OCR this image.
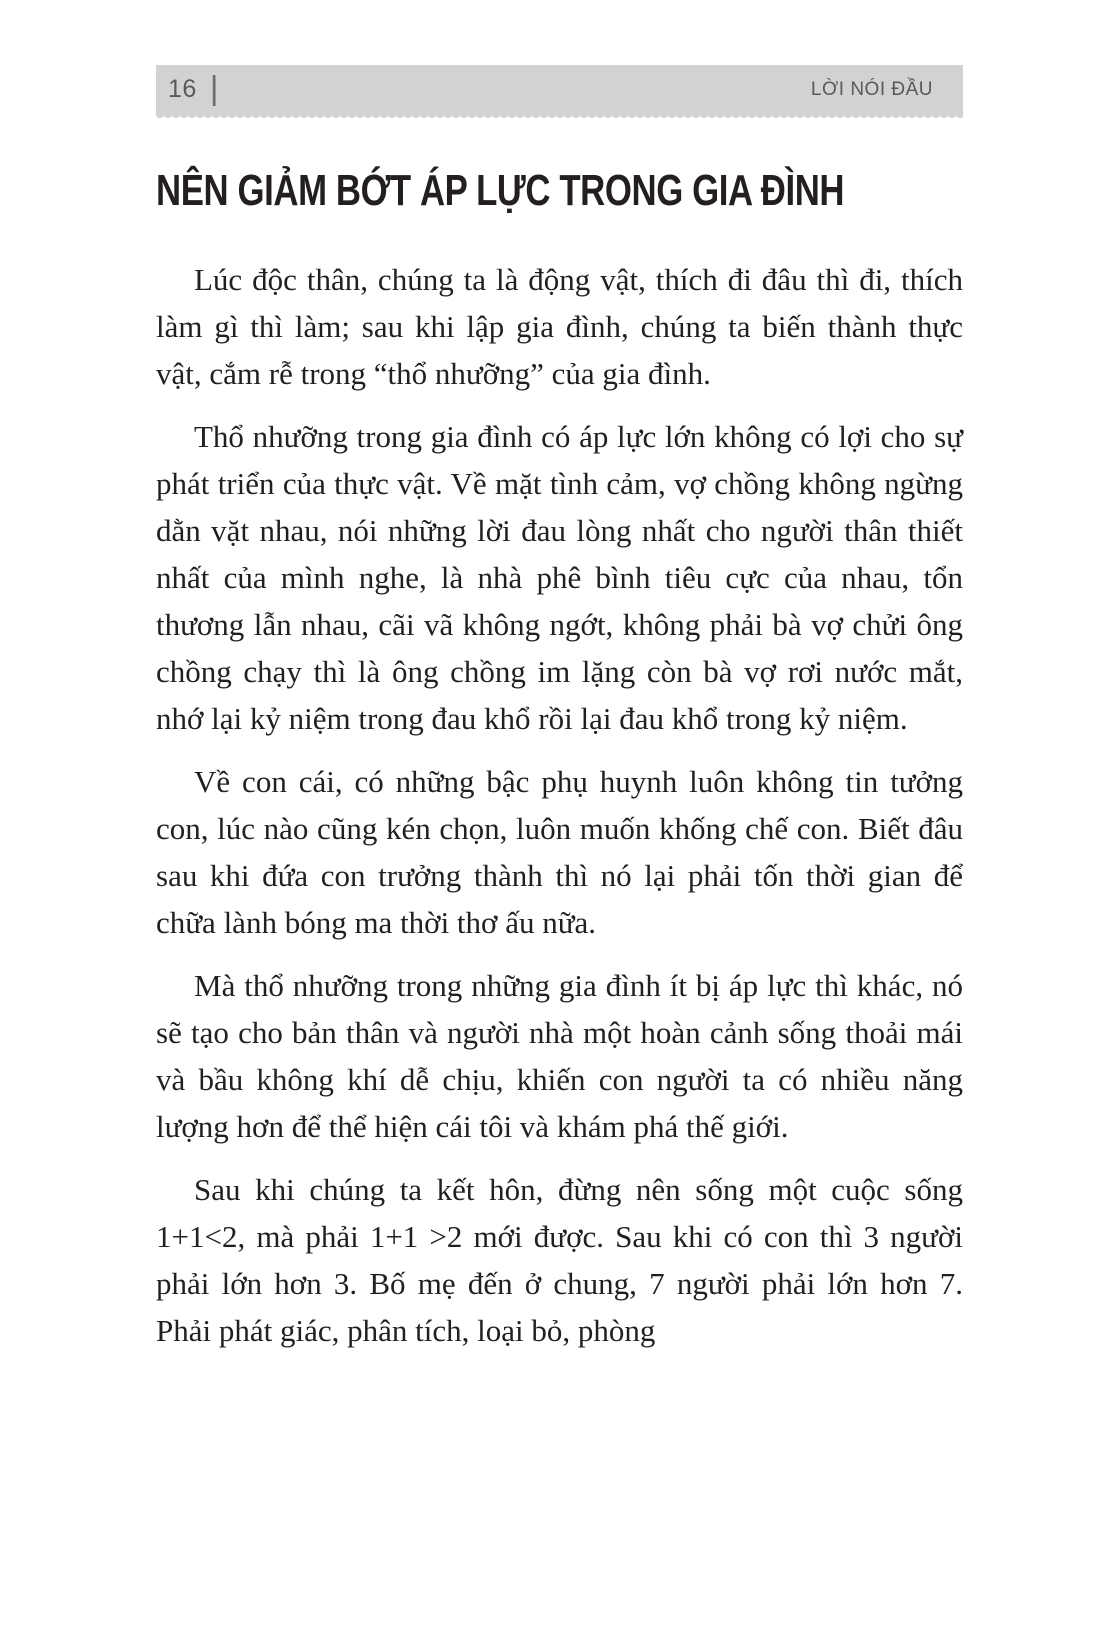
16 |	LỜI NÓI ĐẦU
NÊN GIẢM BỚT ÁP LỰC TRONG GIA ĐÌNH

Lúc độc thân, chúng ta là động vật, thích đi đâu thì đi, thích làm gì thì làm; sau khi lập gia đình, chúng ta biến thành thực vật, cắm rễ trong “thổ nhưỡng” của gia đình.

Thổ nhưỡng trong gia đình có áp lực lớn không có lợi cho sự phát triển của thực vật. Về mặt tình cảm, vợ chồng không ngừng dằn vặt nhau, nói những lời đau lòng nhất cho người thân thiết nhất của mình nghe, là nhà phê bình tiêu cực của nhau, tổn thương lẫn nhau, cãi vã không ngớt, không phải bà vợ chửi ông chồng chạy thì là ông chồng im lặng còn bà vợ rơi nước mắt, nhớ lại kỷ niệm trong đau khổ rồi lại đau khổ trong kỷ niệm.

Về con cái, có những bậc phụ huynh luôn không tin tưởng con, lúc nào cũng kén chọn, luôn muốn khống chế con. Biết đâu sau khi đứa con trưởng thành thì nó lại phải tốn thời gian để chữa lành bóng ma thời thơ ấu nữa.

Mà thổ nhưỡng trong những gia đình ít bị áp lực thì khác, nó sẽ tạo cho bản thân và người nhà một hoàn cảnh sống thoải mái và bầu không khí dễ chịu, khiến con người ta có nhiều năng lượng hơn để thể hiện cái tôi và khám phá thế giới.

Sau khi chúng ta kết hôn, đừng nên sống một cuộc sống 1+1<2, mà phải 1+1 >2 mới được. Sau khi có con thì 3 người phải lớn hơn 3. Bố mẹ đến ở chung, 7 người phải lớn hơn 7. Phải phát giác, phân tích, loại bỏ, phòng
